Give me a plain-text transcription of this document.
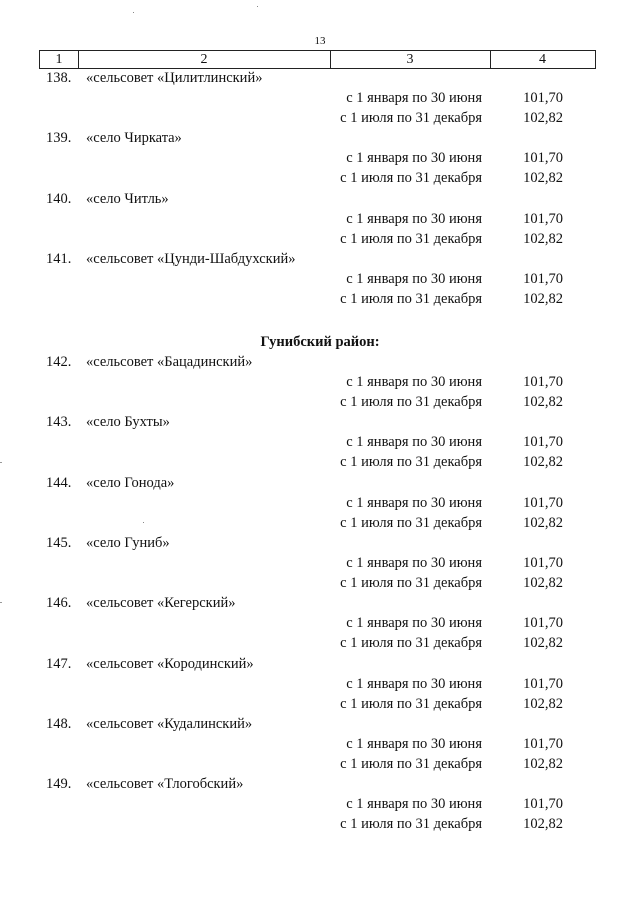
13
1	2	3	4
138. «сельсовет «Цилитлинский»
с 1 января по 30 июня	101,70
с 1 июля по 31 декабря	102,82
139. «село Чиркатa»
с 1 января по 30 июня	101,70
с 1 июля по 31 декабря	102,82
140. «село Читль»
с 1 января по 30 июня	101,70
с 1 июля по 31 декабря	102,82
141. «сельсовет «Цунди-Шабдухский»
с 1 января по 30 июня	101,70
с 1 июля по 31 декабря	102,82
Гунибский район:
142. «сельсовет «Бацадинский»
с 1 января по 30 июня	101,70
с 1 июля по 31 декабря	102,82
143. «село Бухты»
с 1 января по 30 июня	101,70
с 1 июля по 31 декабря	102,82
144. «село Гонода»
с 1 января по 30 июня	101,70
с 1 июля по 31 декабря	102,82
145. «село Гуниб»
с 1 января по 30 июня	101,70
с 1 июля по 31 декабря	102,82
146. «сельсовет «Кегерский»
с 1 января по 30 июня	101,70
с 1 июля по 31 декабря	102,82
147. «сельсовет «Кородинский»
с 1 января по 30 июня	101,70
с 1 июля по 31 декабря	102,82
148. «сельсовет «Кудалинский»
с 1 января по 30 июня	101,70
с 1 июля по 31 декабря	102,82
149. «сельсовет «Тлогобский»
с 1 января по 30 июня	101,70
с 1 июля по 31 декабря	102,82
